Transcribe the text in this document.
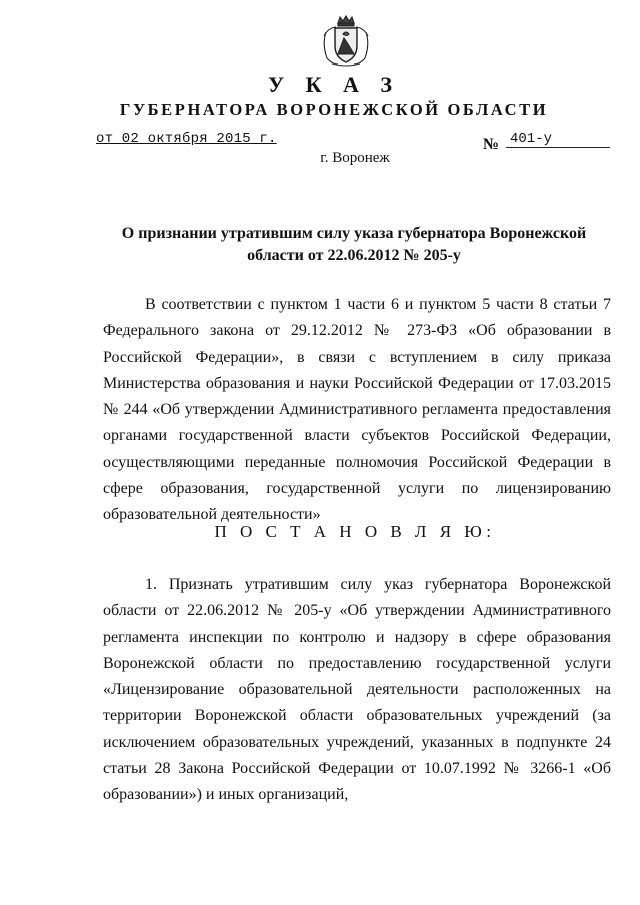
У К А З
ГУБЕРНАТОРА ВОРОНЕЖСКОЙ ОБЛАСТИ
от 02 октября 2015 г.	№ 401-у
г. Воронеж
О признании утратившим силу указа губернатора Воронежской области от 22.06.2012 № 205-у

В соответствии с пунктом 1 части 6 и пунктом 5 части 8 статьи 7 Федерального закона от 29.12.2012 № 273-ФЗ «Об образовании в Российской Федерации», в связи с вступлением в силу приказа Министерства образования и науки Российской Федерации от 17.03.2015 № 244 «Об утверждении Административного регламента предоставления органами государственной власти субъектов Российской Федерации, осуществляющими переданные полномочия Российской Федерации в сфере образования, государственной услуги по лицензированию образовательной деятельности»

П О С Т А Н О В Л Я Ю:

1. Признать утратившим силу указ губернатора Воронежской области от 22.06.2012 № 205-у «Об утверждении Административного регламента инспекции по контролю и надзору в сфере образования Воронежской области по предоставлению государственной услуги «Лицензирование образовательной деятельности расположенных на территории Воронежской области образовательных учреждений (за исключением образовательных учреждений, указанных в подпункте 24 статьи 28 Закона Российской Федерации от 10.07.1992 № 3266-1 «Об образовании») и иных организаций,
